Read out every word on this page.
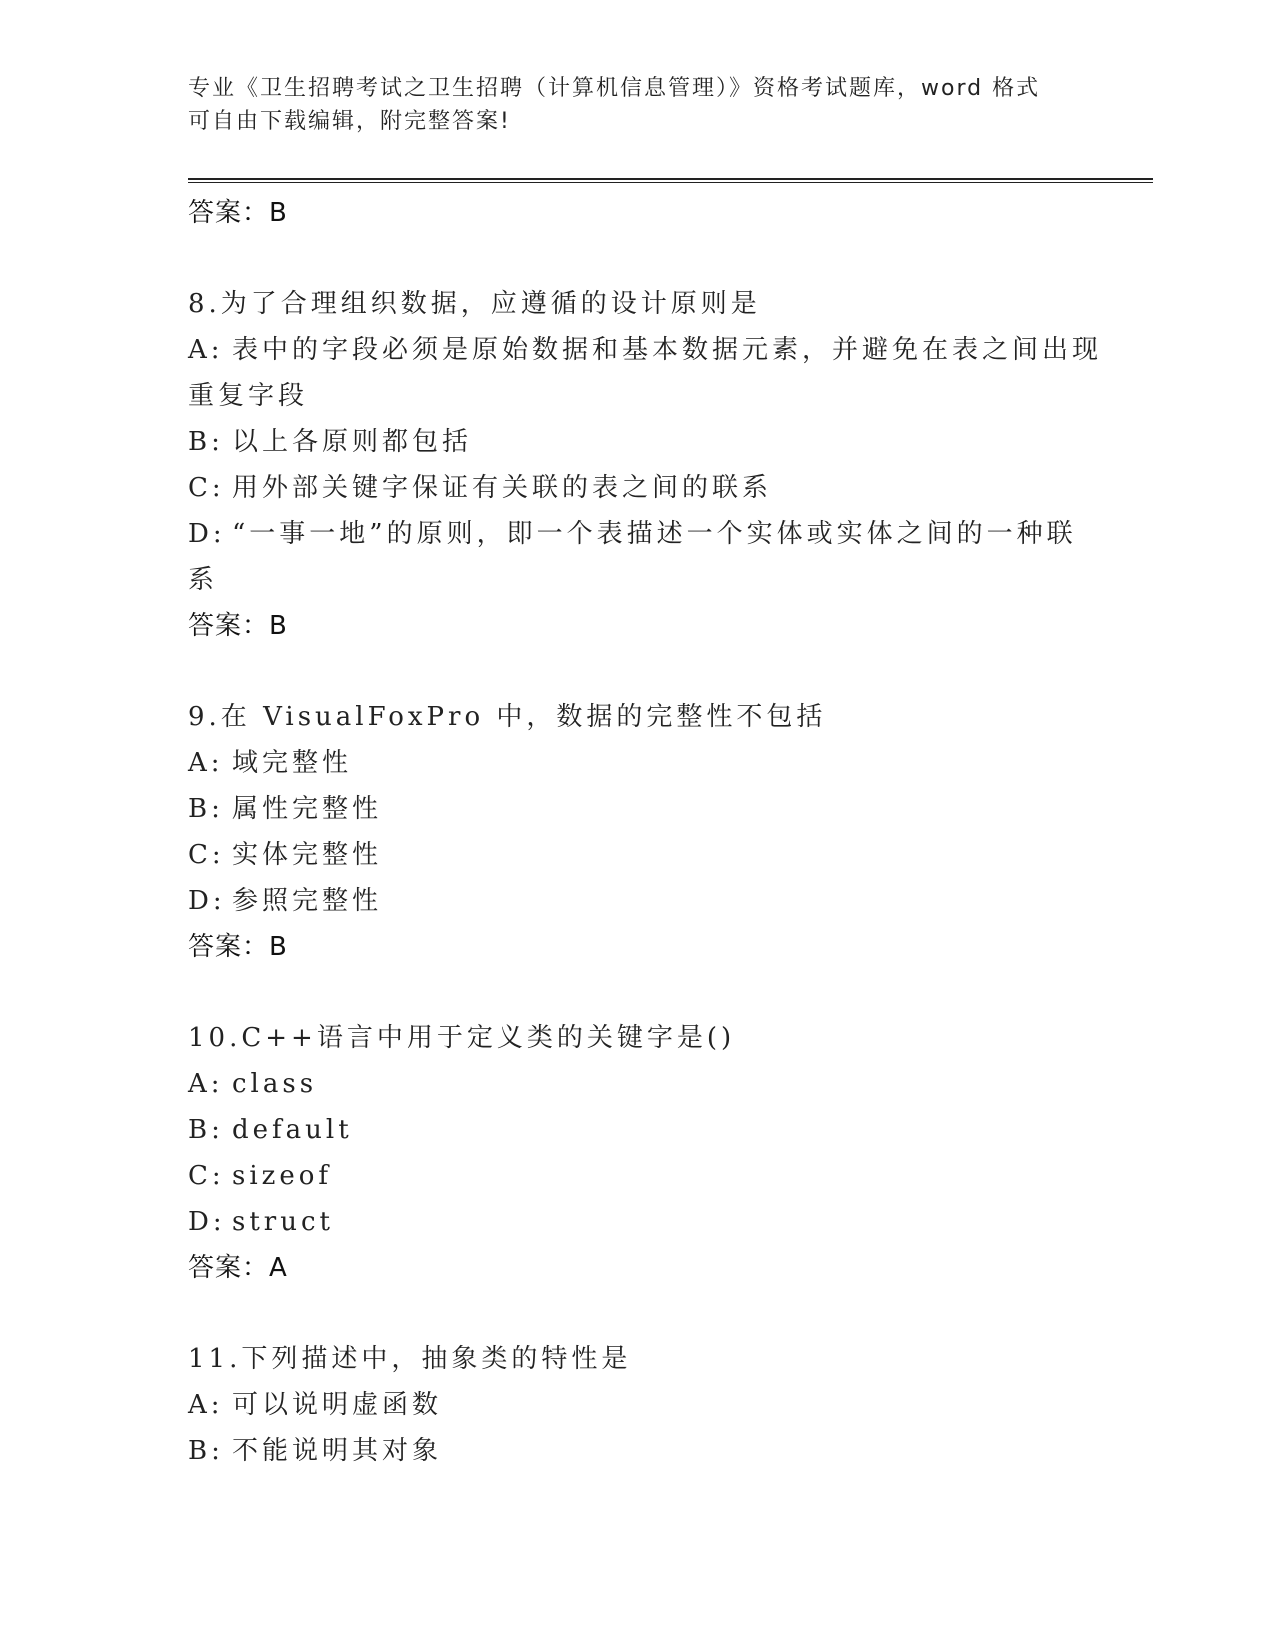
专业《卫生招聘考试之卫生招聘（计算机信息管理）》资格考试题库，word 格式
可自由下载编辑，附完整答案!
答案：B
8.为了合理组织数据，应遵循的设计原则是
A: 表中的字段必须是原始数据和基本数据元素，并避免在表之间出现
重复字段
B: 以上各原则都包括
C: 用外部关键字保证有关联的表之间的联系
D: “一事一地”的原则，即一个表描述一个实体或实体之间的一种联
系
答案：B
9.在 VisualFoxPro 中，数据的完整性不包括
A: 域完整性
B: 属性完整性
C: 实体完整性
D: 参照完整性
答案：B
10.C++语言中用于定义类的关键字是()
A: class
B: default
C: sizeof
D: struct
答案：A
11.下列描述中，抽象类的特性是
A: 可以说明虚函数
B: 不能说明其对象
